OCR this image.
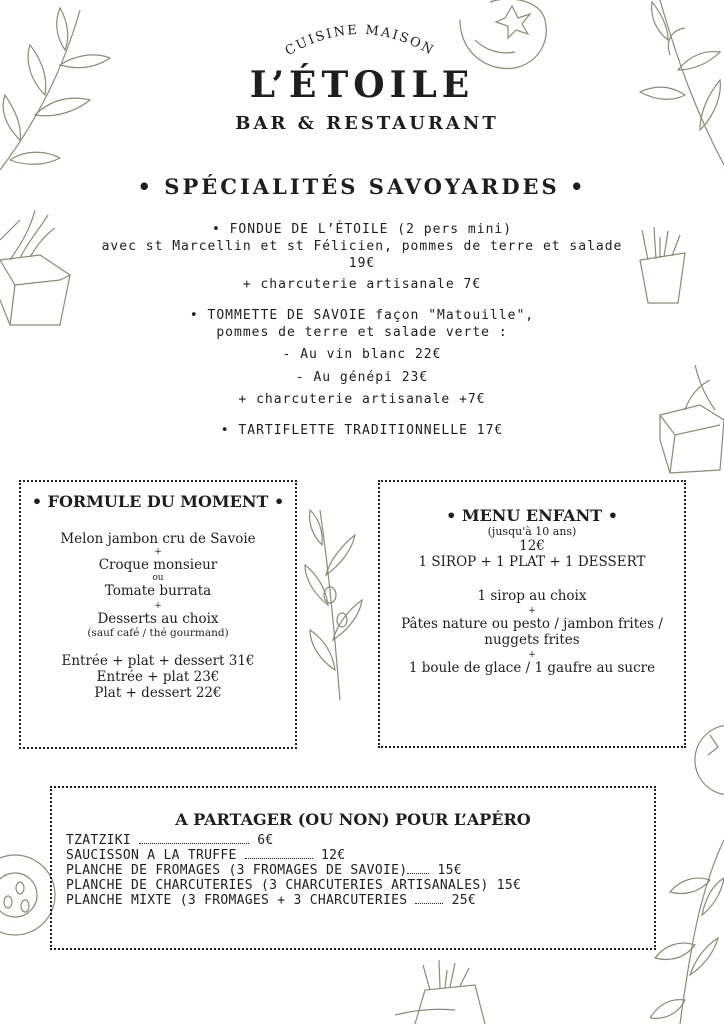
CUISINE MAISON
L’ÉTOILE
BAR & RESTAURANT
• SPÉCIALITÉS SAVOYARDES •
• FONDUE DE L’ÉTOILE (2 pers mini)
avec st Marcellin et st Félicien, pommes de terre et salade
19€
+ charcuterie artisanale 7€
• TOMMETTE DE SAVOIE façon "Matouille",
pommes de terre et salade verte :
- Au vin blanc 22€
- Au génépi 23€
+ charcuterie artisanale +7€
• TARTIFLETTE TRADITIONNELLE 17€
• FORMULE DU MOMENT •
Melon jambon cru de Savoie
+
Croque monsieur
ou
Tomate burrata
+
Desserts au choix
(sauf café / thé gourmand)
Entrée + plat + dessert 31€
Entrée + plat 23€
Plat + dessert 22€
• MENU ENFANT •
(jusqu'à 10 ans)
12€
1 SIROP + 1 PLAT + 1 DESSERT
1 sirop au choix
+
Pâtes nature ou pesto / jambon frites /
nuggets frites
+
1 boule de glace / 1 gaufre au sucre
A PARTAGER (OU NON) POUR L’APÉRO
TZATZIKI	6€
SAUCISSON A LA TRUFFE	12€
PLANCHE DE FROMAGES (3 FROMAGES DE SAVOIE) 15€
PLANCHE DE CHARCUTERIES (3 CHARCUTERIES ARTISANALES) 15€
PLANCHE MIXTE (3 FROMAGES + 3 CHARCUTERIES	25€
